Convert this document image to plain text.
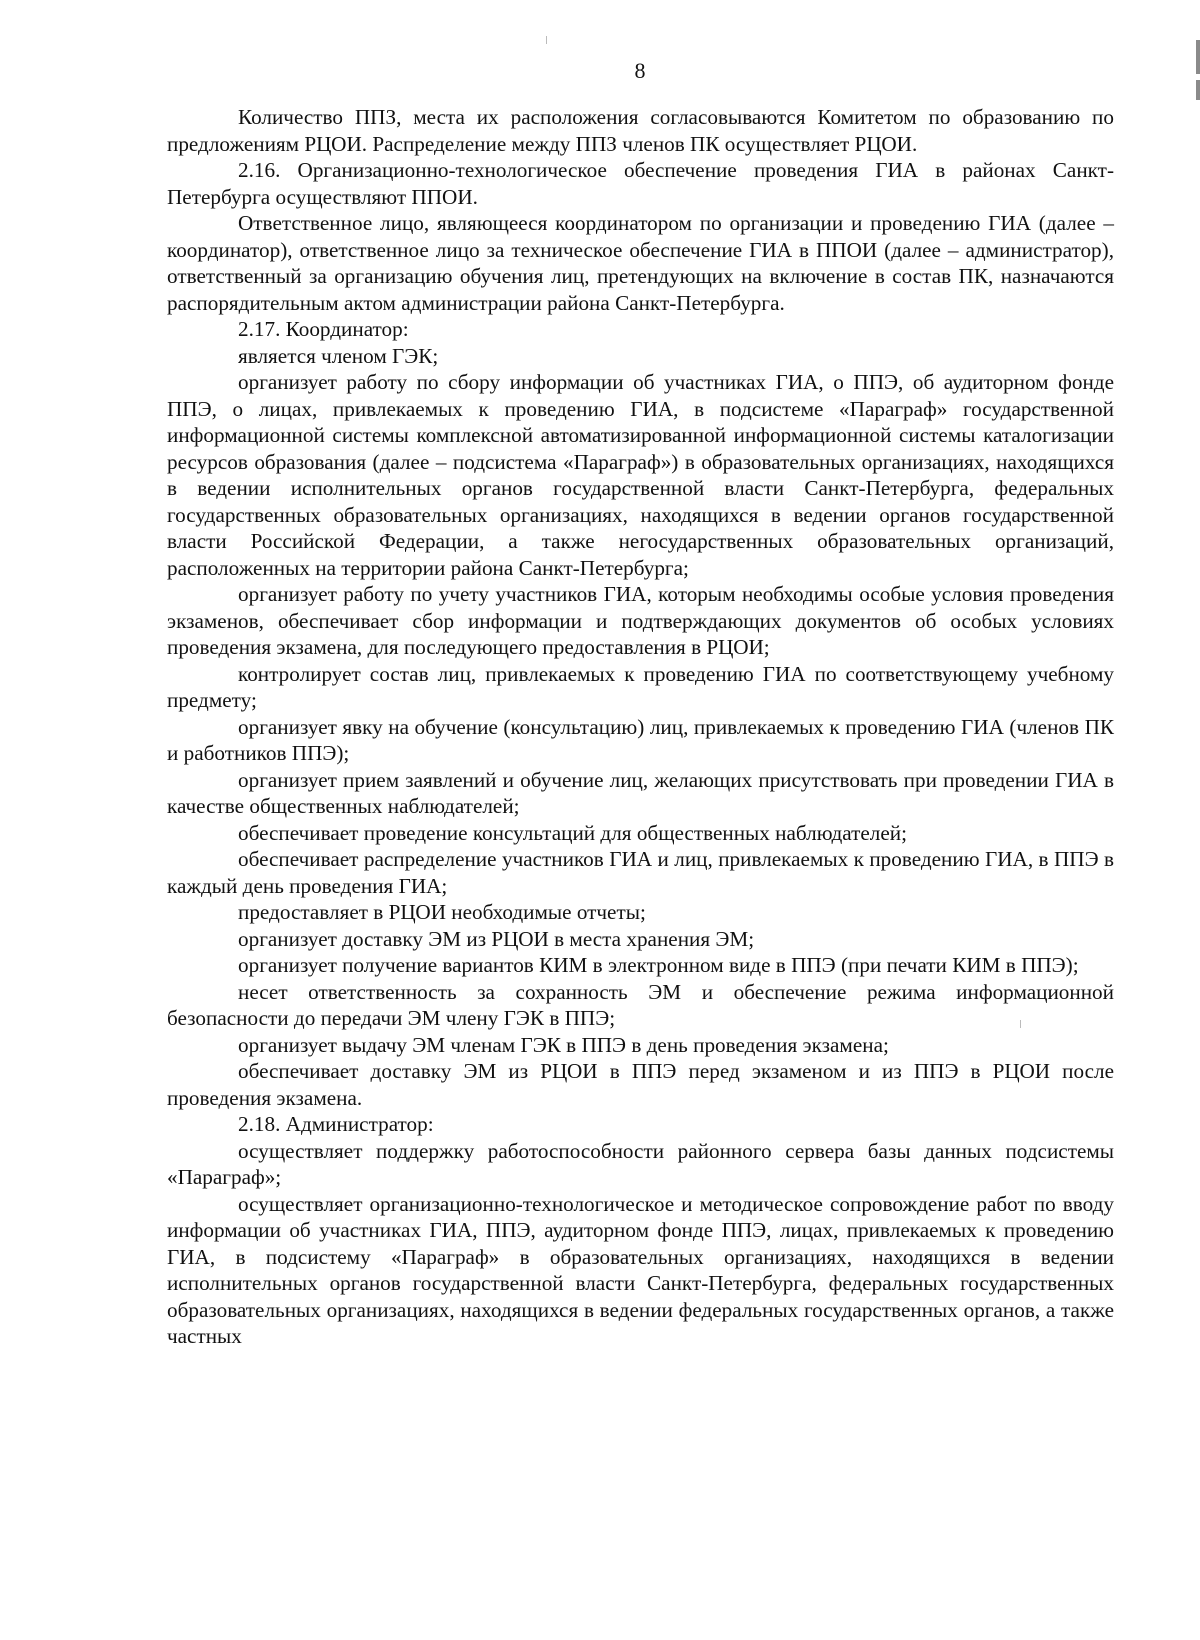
8

Количество ППЗ, места их расположения согласовываются Комитетом по образованию по предложениям РЦОИ. Распределение между ППЗ членов ПК осуществляет РЦОИ.

2.16. Организационно-технологическое обеспечение проведения ГИА в районах Санкт-Петербурга осуществляют ППОИ.

Ответственное лицо, являющееся координатором по организации и проведению ГИА (далее – координатор), ответственное лицо за техническое обеспечение ГИА в ППОИ (далее – администратор), ответственный за организацию обучения лиц, претендующих на включение в состав ПК, назначаются распорядительным актом администрации района Санкт-Петербурга.

2.17. Координатор:

является членом ГЭК;

организует работу по сбору информации об участниках ГИА, о ППЭ, об аудиторном фонде ППЭ, о лицах, привлекаемых к проведению ГИА, в подсистеме «Параграф» государственной информационной системы комплексной автоматизированной информационной системы каталогизации ресурсов образования (далее – подсистема «Параграф») в образовательных организациях, находящихся в ведении исполнительных органов государственной власти Санкт-Петербурга, федеральных государственных образовательных организациях, находящихся в ведении органов государственной власти Российской Федерации, а также негосударственных образовательных организаций, расположенных на территории района Санкт-Петербурга;

организует работу по учету участников ГИА, которым необходимы особые условия проведения экзаменов, обеспечивает сбор информации и подтверждающих документов об особых условиях проведения экзамена, для последующего предоставления в РЦОИ;

контролирует состав лиц, привлекаемых к проведению ГИА по соответствующему учебному предмету;

организует явку на обучение (консультацию) лиц, привлекаемых к проведению ГИА (членов ПК и работников ППЭ);

организует прием заявлений и обучение лиц, желающих присутствовать при проведении ГИА в качестве общественных наблюдателей;

обеспечивает проведение консультаций для общественных наблюдателей;

обеспечивает распределение участников ГИА и лиц, привлекаемых к проведению ГИА, в ППЭ в каждый день проведения ГИА;

предоставляет в РЦОИ необходимые отчеты;

организует доставку ЭМ из РЦОИ в места хранения ЭМ;

организует получение вариантов КИМ в электронном виде в ППЭ (при печати КИМ в ППЭ);

несет ответственность за сохранность ЭМ и обеспечение режима информационной безопасности до передачи ЭМ члену ГЭК в ППЭ;

организует выдачу ЭМ членам ГЭК в ППЭ в день проведения экзамена;

обеспечивает доставку ЭМ из РЦОИ в ППЭ перед экзаменом и из ППЭ в РЦОИ после проведения экзамена.

2.18. Администратор:

осуществляет поддержку работоспособности районного сервера базы данных подсистемы «Параграф»;

осуществляет организационно-технологическое и методическое сопровождение работ по вводу информации об участниках ГИА, ППЭ, аудиторном фонде ППЭ, лицах, привлекаемых к проведению ГИА, в подсистему «Параграф» в образовательных организациях, находящихся в ведении исполнительных органов государственной власти Санкт-Петербурга, федеральных государственных образовательных организациях, находящихся в ведении федеральных государственных органов, а также частных
